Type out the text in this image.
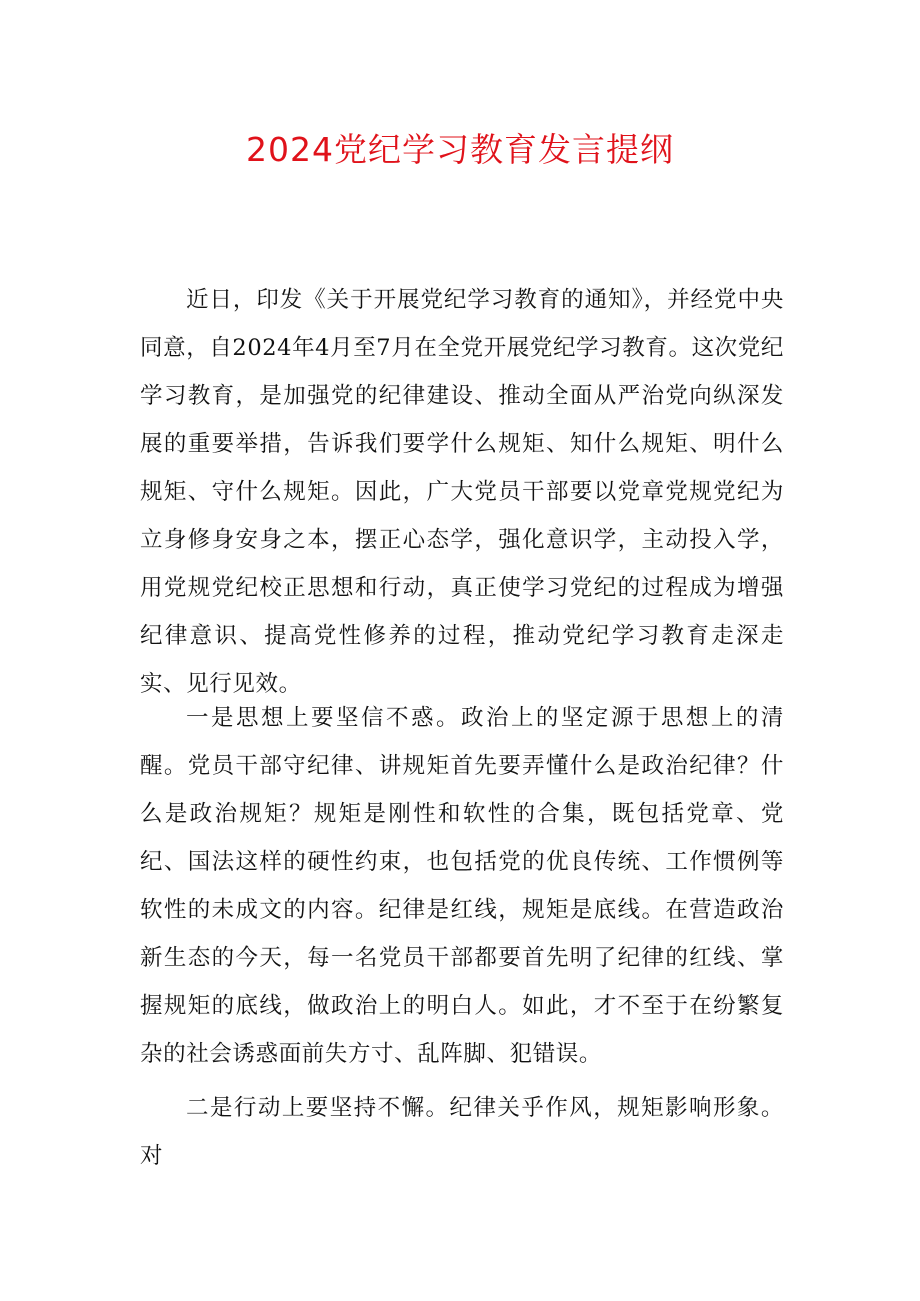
2024党纪学习教育发言提纲

近日，印发《关于开展党纪学习教育的通知》，并经党中央同意，自2024年4月至7月在全党开展党纪学习教育。这次党纪学习教育，是加强党的纪律建设、推动全面从严治党向纵深发展的重要举措，告诉我们要学什么规矩、知什么规矩、明什么规矩、守什么规矩。因此，广大党员干部要以党章党规党纪为立身修身安身之本，摆正心态学，强化意识学，主动投入学，用党规党纪校正思想和行动，真正使学习党纪的过程成为增强纪律意识、提高党性修养的过程，推动党纪学习教育走深走实、见行见效。

一是思想上要坚信不惑。政治上的坚定源于思想上的清醒。党员干部守纪律、讲规矩首先要弄懂什么是政治纪律？什么是政治规矩？规矩是刚性和软性的合集，既包括党章、党纪、国法这样的硬性约束，也包括党的优良传统、工作惯例等软性的未成文的内容。纪律是红线，规矩是底线。在营造政治新生态的今天，每一名党员干部都要首先明了纪律的红线、掌握规矩的底线，做政治上的明白人。如此，才不至于在纷繁复杂的社会诱惑面前失方寸、乱阵脚、犯错误。

二是行动上要坚持不懈。纪律关乎作风，规矩影响形象。对
